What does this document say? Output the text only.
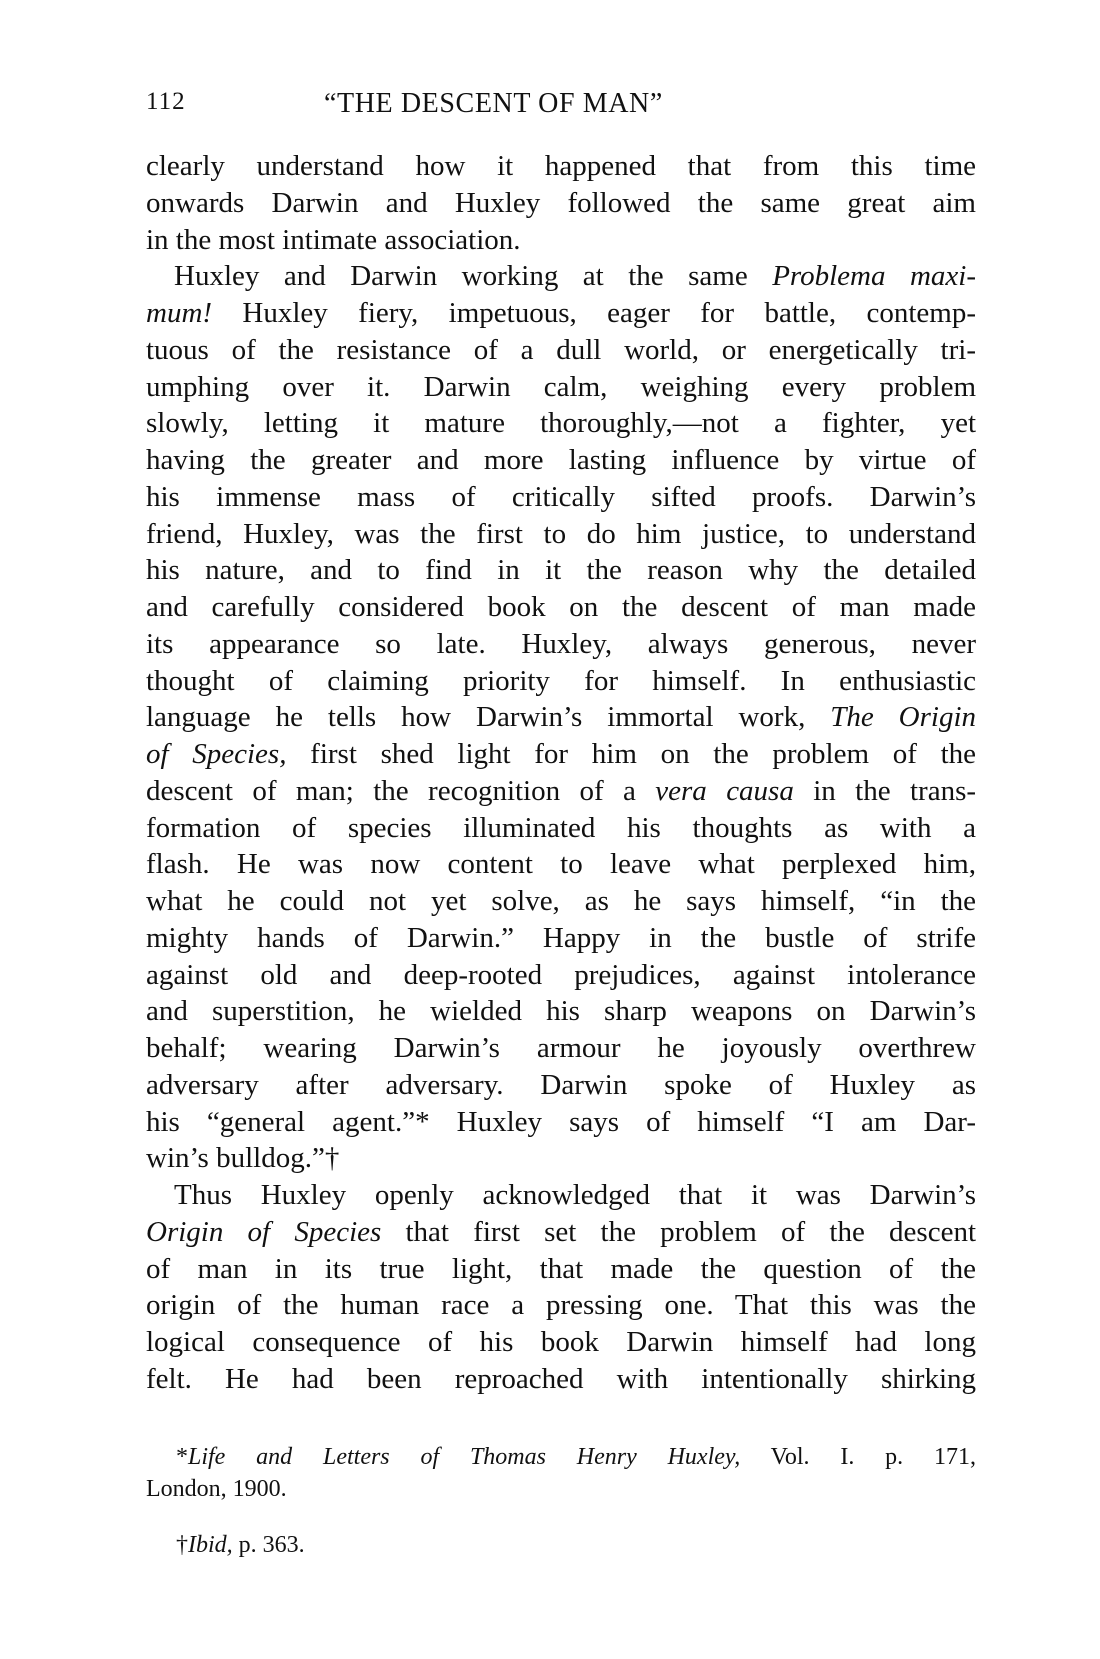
112	“THE DESCENT OF MAN”
clearly understand how it happened that from this time
onwards Darwin and Huxley followed the same great aim
in the most intimate association.
Huxley and Darwin working at the same Problema maxi-
mum! Huxley fiery, impetuous, eager for battle, contemp-
tuous of the resistance of a dull world, or energetically tri-
umphing over it. Darwin calm, weighing every problem
slowly, letting it mature thoroughly,—not a fighter, yet
having the greater and more lasting influence by virtue of
his immense mass of critically sifted proofs. Darwin’s
friend, Huxley, was the first to do him justice, to understand
his nature, and to find in it the reason why the detailed
and carefully considered book on the descent of man made
its appearance so late. Huxley, always generous, never
thought of claiming priority for himself. In enthusiastic
language he tells how Darwin’s immortal work, The Origin
of Species, first shed light for him on the problem of the
descent of man; the recognition of a vera causa in the trans-
formation of species illuminated his thoughts as with a
flash. He was now content to leave what perplexed him,
what he could not yet solve, as he says himself, “in the
mighty hands of Darwin.” Happy in the bustle of strife
against old and deep-rooted prejudices, against intolerance
and superstition, he wielded his sharp weapons on Darwin’s
behalf; wearing Darwin’s armour he joyously overthrew
adversary after adversary. Darwin spoke of Huxley as
his “general agent.”* Huxley says of himself “I am Dar-
win’s bulldog.”†
Thus Huxley openly acknowledged that it was Darwin’s
Origin of Species that first set the problem of the descent
of man in its true light, that made the question of the
origin of the human race a pressing one. That this was the
logical consequence of his book Darwin himself had long
felt. He had been reproached with intentionally shirking
*Life and Letters of Thomas Henry Huxley, Vol. I. p. 171,
London, 1900.
†Ibid, p. 363.
